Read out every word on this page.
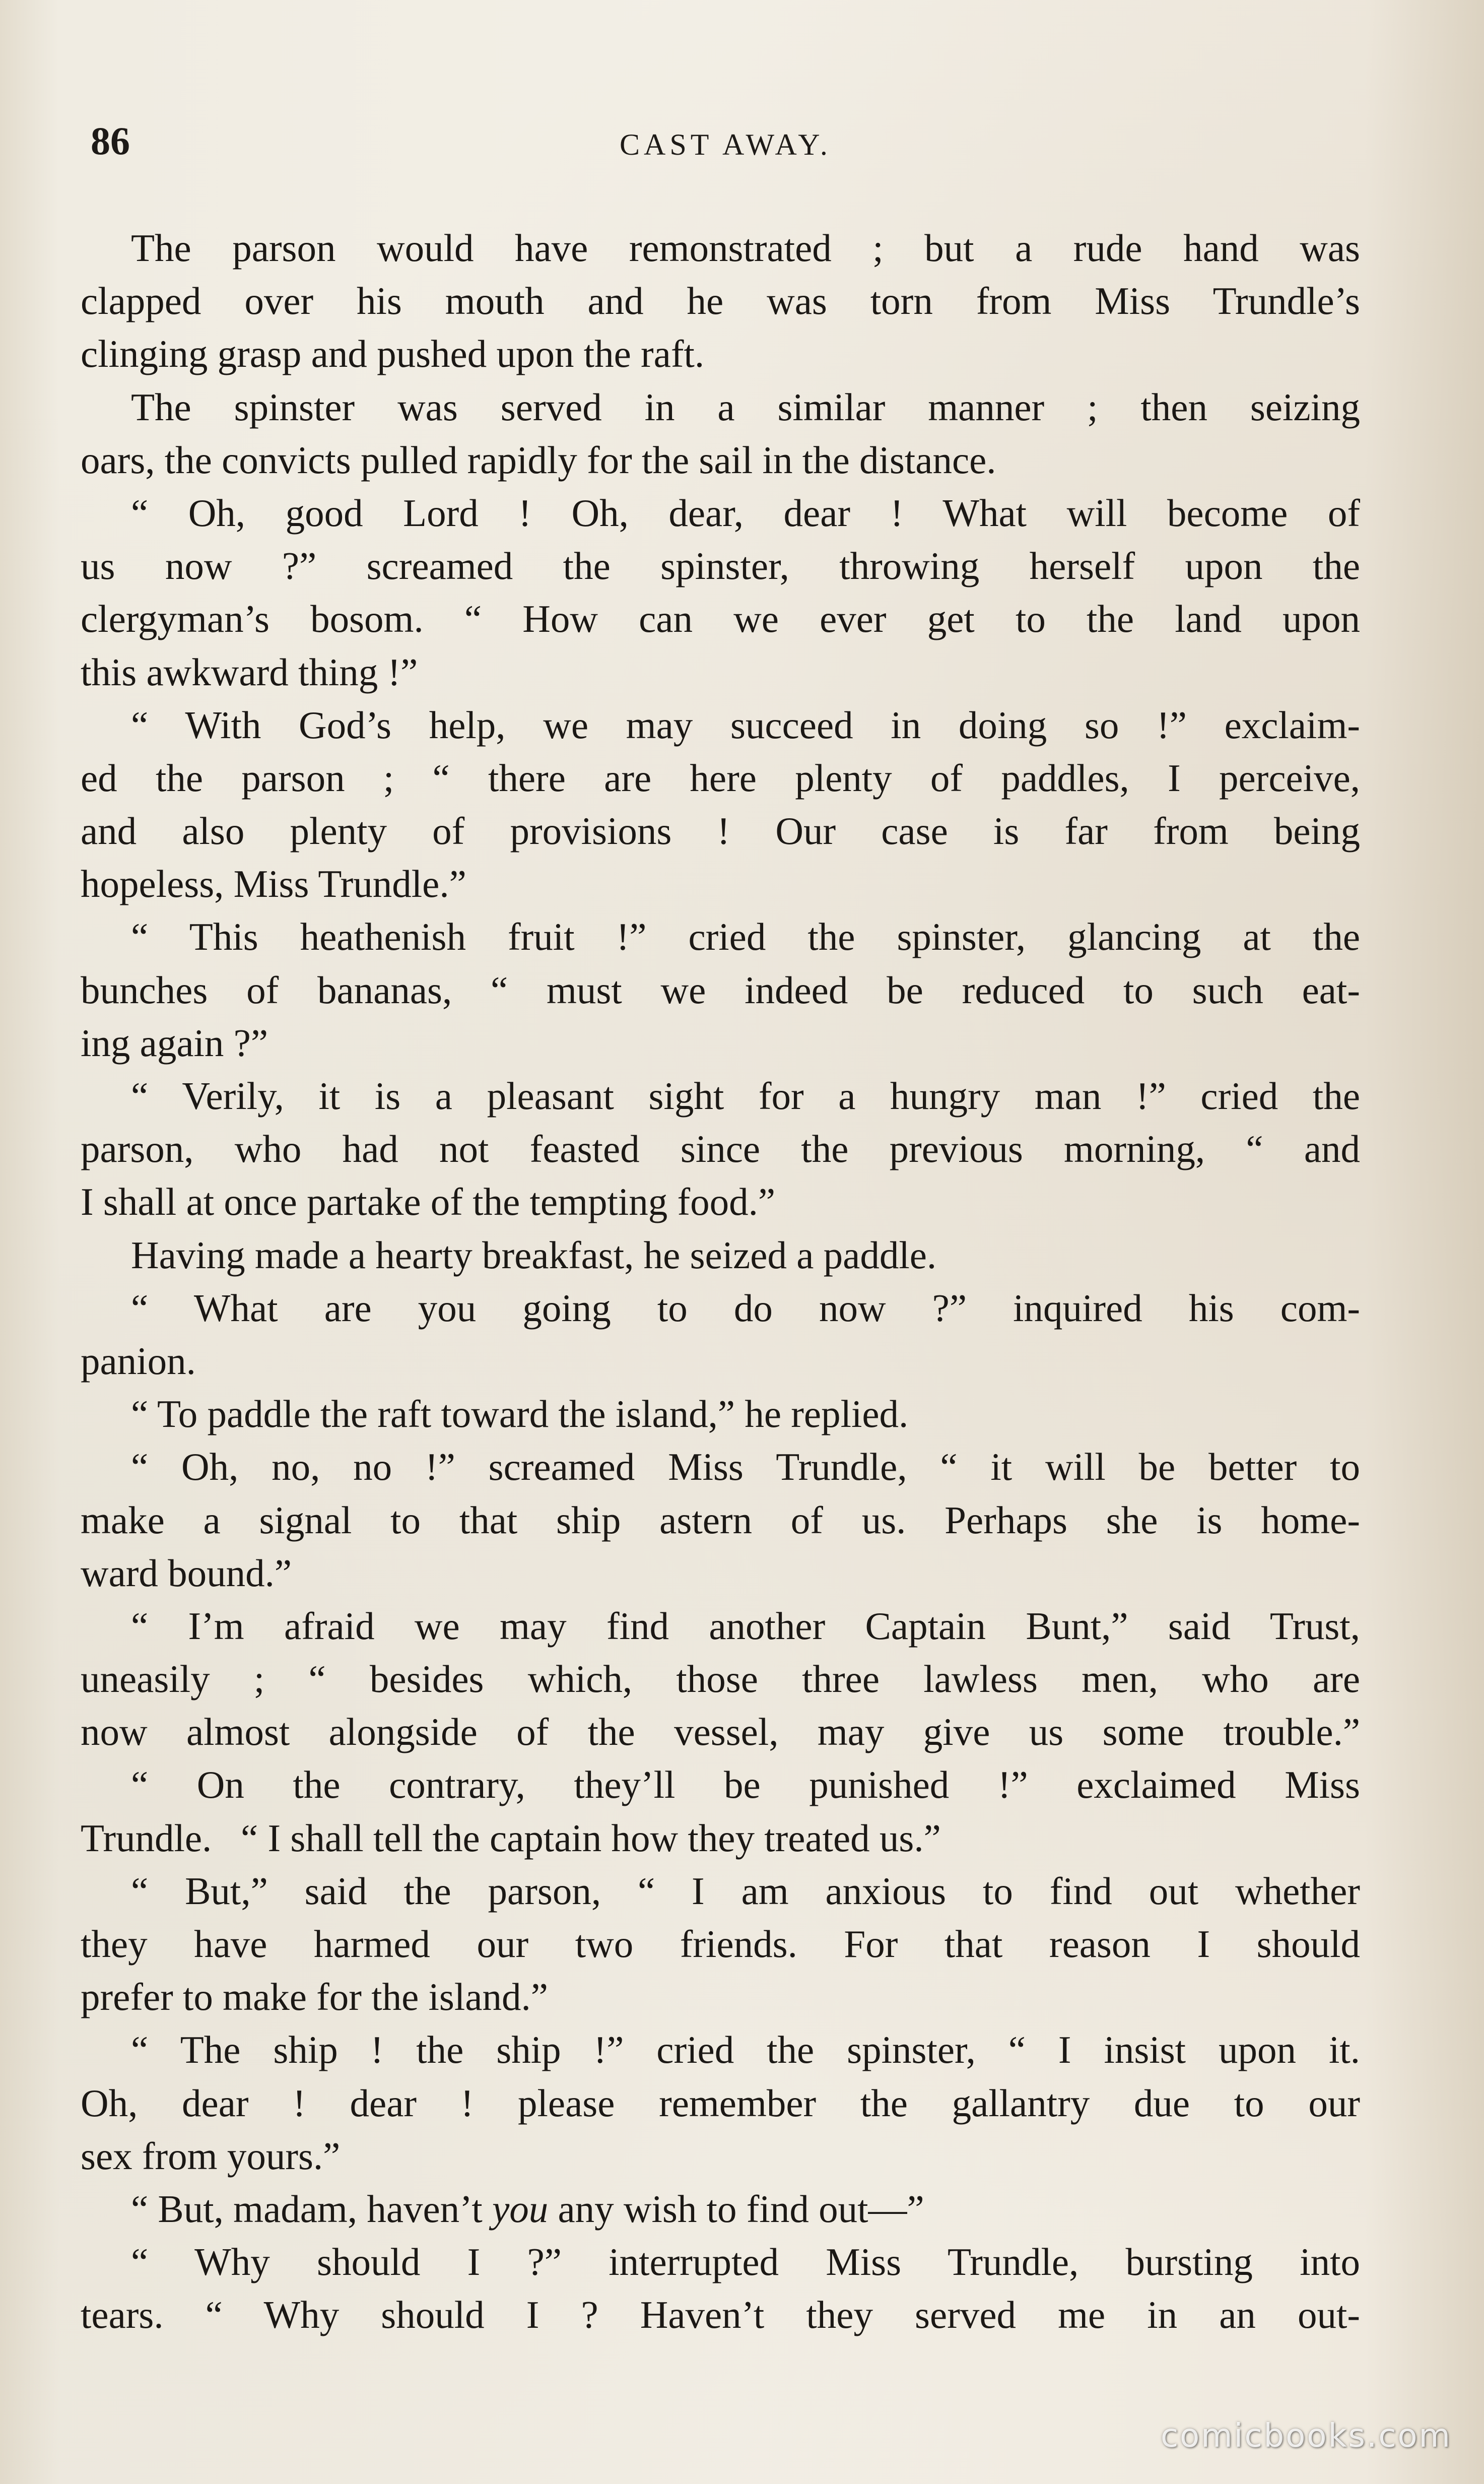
86	CAST AWAY.
The parson would have remonstrated ; but a rude hand was
clapped over his mouth and he was torn from Miss Trundle’s
clinging grasp and pushed upon the raft.
The spinster was served in a similar manner ; then seizing
oars, the convicts pulled rapidly for the sail in the distance.
“ Oh, good Lord ! Oh, dear, dear ! What will become of
us now ?” screamed the spinster, throwing herself upon the
clergyman’s bosom. “ How can we ever get to the land upon
this awkward thing !”
“ With God’s help, we may succeed in doing so !” exclaim-
ed the parson ; “ there are here plenty of paddles, I perceive,
and also plenty of provisions ! Our case is far from being
hopeless, Miss Trundle.”
“ This heathenish fruit !” cried the spinster, glancing at the
bunches of bananas, “ must we indeed be reduced to such eat-
ing again ?”
“ Verily, it is a pleasant sight for a hungry man !” cried the
parson, who had not feasted since the previous morning, “ and
I shall at once partake of the tempting food.”
Having made a hearty breakfast, he seized a paddle.
“ What are you going to do now ?” inquired his com-
panion.
“ To paddle the raft toward the island,” he replied.
“ Oh, no, no !” screamed Miss Trundle, “ it will be better to
make a signal to that ship astern of us. Perhaps she is home-
ward bound.”
“ I’m afraid we may find another Captain Bunt,” said Trust,
uneasily ; “ besides which, those three lawless men, who are
now almost alongside of the vessel, may give us some trouble.”
“ On the contrary, they’ll be punished !” exclaimed Miss
Trundle.   “ I shall tell the captain how they treated us.”
“ But,” said the parson, “ I am anxious to find out whether
they have harmed our two friends. For that reason I should
prefer to make for the island.”
“ The ship ! the ship !” cried the spinster, “ I insist upon it.
Oh, dear ! dear ! please remember the gallantry due to our
sex from yours.”
“ But, madam, haven’t you any wish to find out—”
“ Why should I ?” interrupted Miss Trundle, bursting into
tears. “ Why should I ? Haven’t they served me in an out-
comicbooks.com
